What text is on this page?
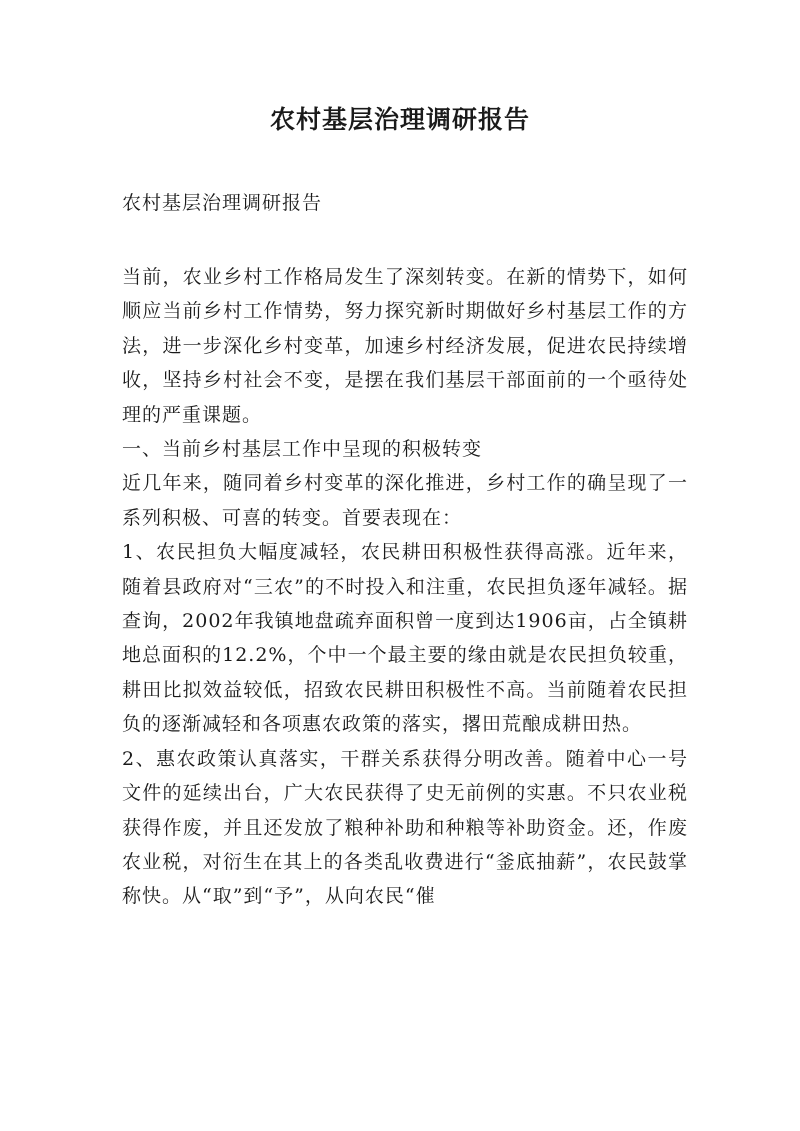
农村基层治理调研报告

农村基层治理调研报告

当前，农业乡村工作格局发生了深刻转变。在新的情势下，如何顺应当前乡村工作情势，努力探究新时期做好乡村基层工作的方法，进一步深化乡村变革，加速乡村经济发展，促进农民持续增收，坚持乡村社会不变，是摆在我们基层干部面前的一个亟待处理的严重课题。

一、当前乡村基层工作中呈现的积极转变

近几年来，随同着乡村变革的深化推进，乡村工作的确呈现了一系列积极、可喜的转变。首要表现在：

1、农民担负大幅度减轻，农民耕田积极性获得高涨。近年来，随着县政府对“三农”的不时投入和注重，农民担负逐年减轻。据查询，2002年我镇地盘疏弃面积曾一度到达1906亩，占全镇耕地总面积的12.2%，个中一个最主要的缘由就是农民担负较重，耕田比拟效益较低，招致农民耕田积极性不高。当前随着农民担负的逐渐减轻和各项惠农政策的落实，撂田荒酿成耕田热。

2、惠农政策认真落实，干群关系获得分明改善。随着中心一号文件的延续出台，广大农民获得了史无前例的实惠。不只农业税获得作废，并且还发放了粮种补助和种粮等补助资金。还，作废农业税，对衍生在其上的各类乱收费进行“釜底抽薪”，农民鼓掌称快。从“取”到“予”，从向农民“催
